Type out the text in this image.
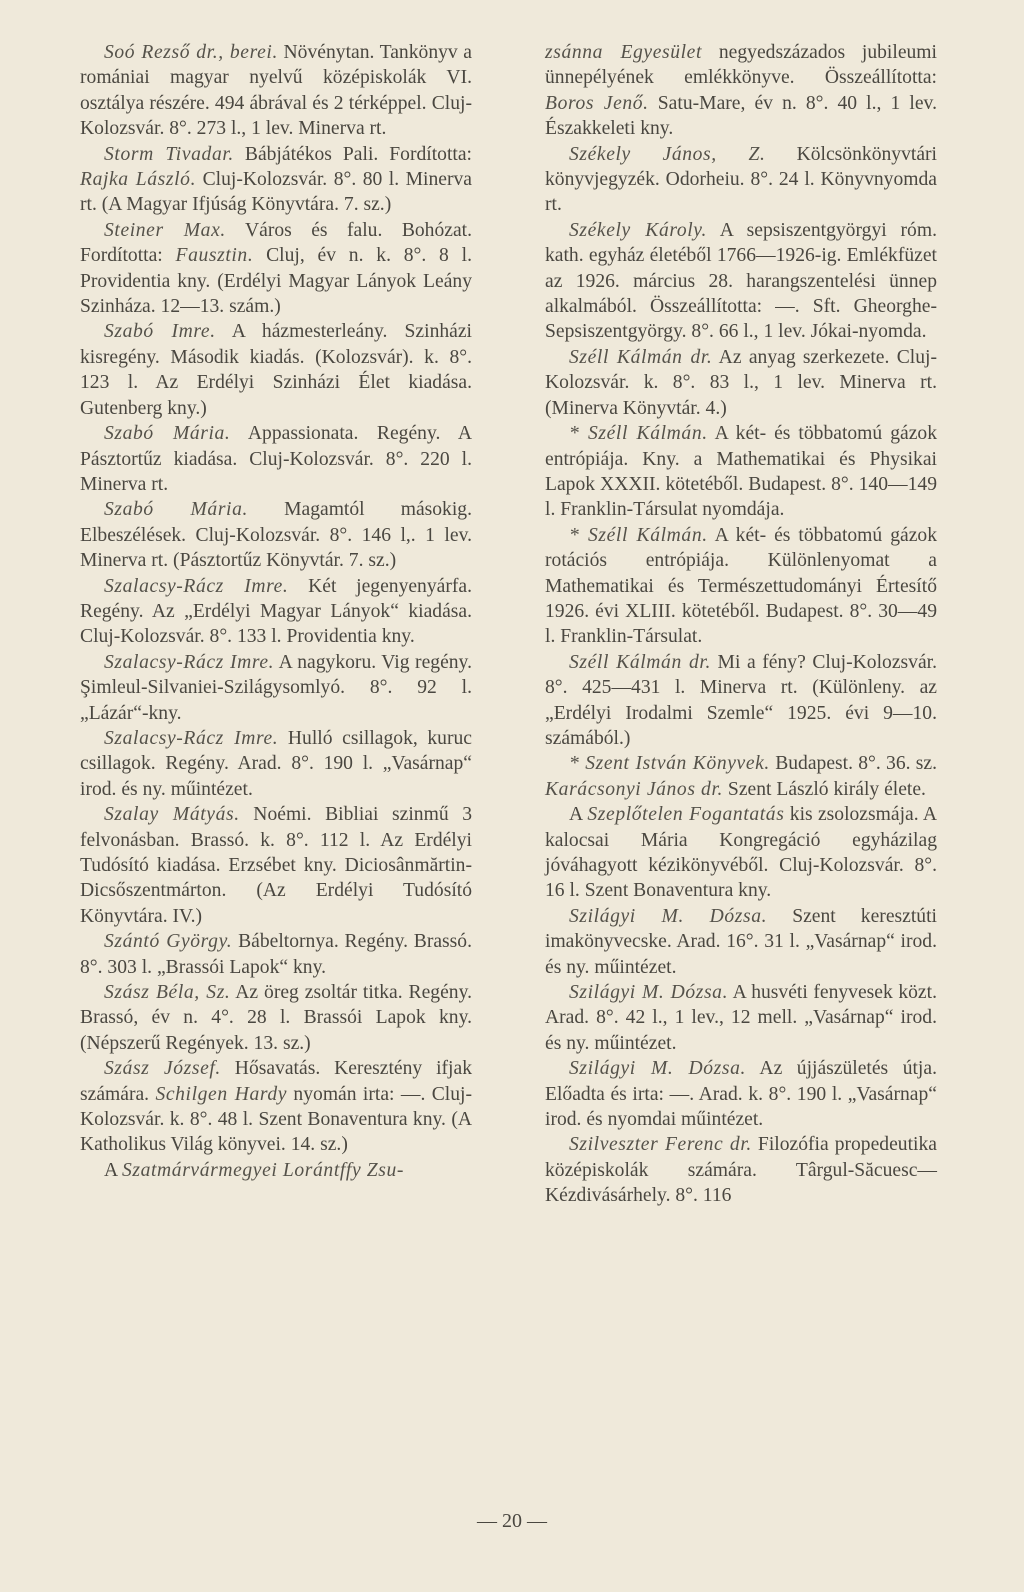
Soó Rezső dr., berei. Növénytan. Tankönyv a romániai magyar nyelvű középiskolák VI. osztálya részére. 494 ábrával és 2 térképpel. Cluj-Kolozsvár. 8°. 273 l., 1 lev. Minerva rt.

Storm Tivadar. Bábjátékos Pali. Fordította: Rajka László. Cluj-Kolozsvár. 8°. 80 l. Minerva rt. (A Magyar Ifjúság Könyvtára. 7. sz.)

Steiner Max. Város és falu. Bohózat. Fordította: Fausztin. Cluj, év n. k. 8°. 8 l. Providentia kny. (Erdélyi Magyar Lányok Leány Szinháza. 12—13. szám.)

Szabó Imre. A házmesterleány. Szinházi kisregény. Második kiadás. (Kolozsvár). k. 8°. 123 l. Az Erdélyi Szinházi Élet kiadása. Gutenberg kny.)

Szabó Mária. Appassionata. Regény. A Pásztortűz kiadása. Cluj-Kolozsvár. 8°. 220 l. Minerva rt.

Szabó Mária. Magamtól másokig. Elbeszélések. Cluj-Kolozsvár. 8°. 146 l,. 1 lev. Minerva rt. (Pásztortűz Könyvtár. 7. sz.)

Szalacsy-Rácz Imre. Két jegenyenyárfa. Regény. Az „Erdélyi Magyar Lányok“ kiadása. Cluj-Kolozsvár. 8°. 133 l. Providentia kny.

Szalacsy-Rácz Imre. A nagykoru. Vig regény. Şimleul-Silvaniei-Szilágysomlyó. 8°. 92 l. „Lázár“-kny.

Szalacsy-Rácz Imre. Hulló csillagok, kuruc csillagok. Regény. Arad. 8°. 190 l. „Vasárnap“ irod. és ny. műintézet.

Szalay Mátyás. Noémi. Bibliai szinmű 3 felvonásban. Brassó. k. 8°. 112 l. Az Erdélyi Tudósító kiadása. Erzsébet kny. Diciosânmărtin-Dicsőszentmárton. (Az Erdélyi Tudósító Könyvtára. IV.)

Szántó György. Bábeltornya. Regény. Brassó. 8°. 303 l. „Brassói Lapok“ kny.

Szász Béla, Sz. Az öreg zsoltár titka. Regény. Brassó, év n. 4°. 28 l. Brassói Lapok kny. (Népszerű Regények. 13. sz.)

Szász József. Hősavatás. Keresztény ifjak számára. Schilgen Hardy nyomán irta: —. Cluj-Kolozsvár. k. 8°. 48 l. Szent Bonaventura kny. (A Katholikus Világ könyvei. 14. sz.)

A Szatmárvármegyei Lorántffy Zsu-

zsánna Egyesület negyedszázados jubileumi ünnepélyének emlékkönyve. Összeállította: Boros Jenő. Satu-Mare, év n. 8°. 40 l., 1 lev. Északkeleti kny.

Székely János, Z. Kölcsönkönyvtári könyvjegyzék. Odorheiu. 8°. 24 l. Könyvnyomda rt.

Székely Károly. A sepsiszentgyörgyi róm. kath. egyház életéből 1766—1926-ig. Emlékfüzet az 1926. március 28. harangszentelési ünnep alkalmából. Összeállította: —. Sft. Gheorghe-Sepsiszentgyörgy. 8°. 66 l., 1 lev. Jókai-nyomda.

Széll Kálmán dr. Az anyag szerkezete. Cluj-Kolozsvár. k. 8°. 83 l., 1 lev. Minerva rt. (Minerva Könyvtár. 4.)

* Széll Kálmán. A két- és többatomú gázok entrópiája. Kny. a Mathematikai és Physikai Lapok XXXII. kötetéből. Budapest. 8°. 140—149 l. Franklin-Társulat nyomdája.

* Széll Kálmán. A két- és többatomú gázok rotációs entrópiája. Különlenyomat a Mathematikai és Természettudományi Értesítő 1926. évi XLIII. kötetéből. Budapest. 8°. 30—49 l. Franklin-Társulat.

Széll Kálmán dr. Mi a fény? Cluj-Kolozsvár. 8°. 425—431 l. Minerva rt. (Különleny. az „Erdélyi Irodalmi Szemle“ 1925. évi 9—10. számából.)

* Szent István Könyvek. Budapest. 8°. 36. sz. Karácsonyi János dr. Szent László király élete.

A Szeplőtelen Fogantatás kis zsolozsmája. A kalocsai Mária Kongregáció egyházilag jóváhagyott kézikönyvéből. Cluj-Kolozsvár. 8°. 16 l. Szent Bonaventura kny.

Szilágyi M. Dózsa. Szent keresztúti imakönyvecske. Arad. 16°. 31 l. „Vasárnap“ irod. és ny. műintézet.

Szilágyi M. Dózsa. A husvéti fenyvesek közt. Arad. 8°. 42 l., 1 lev., 12 mell. „Vasárnap“ irod. és ny. műintézet.

Szilágyi M. Dózsa. Az újjászületés útja. Előadta és irta: —. Arad. k. 8°. 190 l. „Vasárnap“ irod. és nyomdai műintézet.

Szilveszter Ferenc dr. Filozófia propedeutika középiskolák számára. Târgul-Săcuesc—Kézdivásárhely. 8°. 116

— 20 —
